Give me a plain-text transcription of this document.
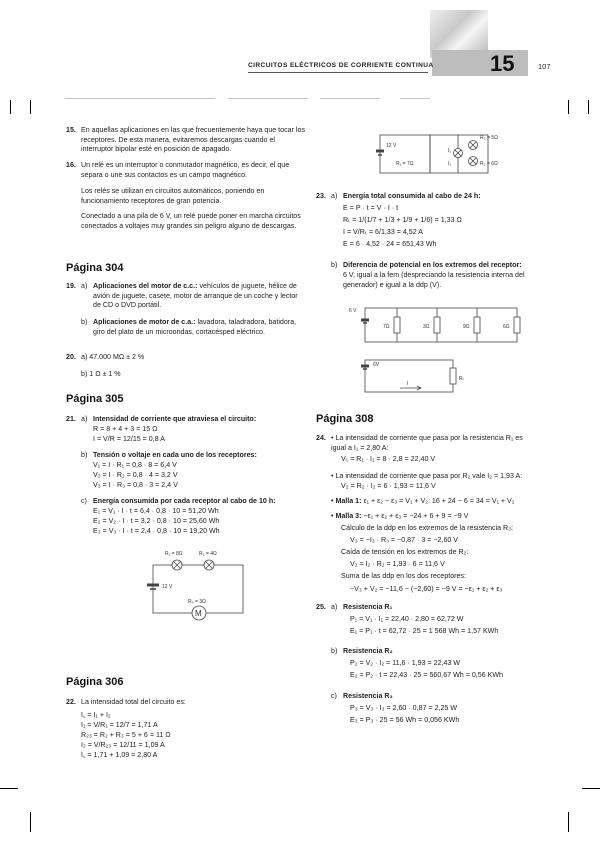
15
CIRCUITOS ELÉCTRICOS DE CORRIENTE CONTINUA	107
15. En aquellas aplicaciones en las que frecuentemente haya que tocar los receptores. De esta manera, evitaremos descargas cuando el interruptor bipolar esté en posición de apagado.
16. Un relé es un interruptor o conmutador magnético, es decir, el que separa o une sus contactos es un campo magnético.
Los relés se utilizan en circuitos automáticos, poniendo en funcionamiento receptores de gran potencia.
Conectado a una pila de 6 V, un relé puede poner en marcha circuitos conectados a voltajes muy grandes sin peligro alguno de descargas.
Página 304
19. a) Aplicaciones del motor de c.c.: vehículos de juguete, hélice de avión de juguete, casete, motor de arranque de un coche y lector de CD o DVD portátil.
b) Aplicaciones de motor de c.a.: lavadora, taladradora, batidora, giro del plato de un microondas, cortacésped eléctrico.
20. a) 47.000 MΩ ± 2 %
b) 1 Ω ± 1 %
Página 305
21. a) Intensidad de corriente que atraviesa el circuito:
R = 8 + 4 + 3 = 15 Ω
I = V/R = 12/15 = 0,8 A
b) Tensión o voltaje en cada uno de los receptores:
V₁ = I · R₁ = 0,8 · 8 = 6,4 V
V₂ = I · R₂ = 0,8 · 4 = 3,2 V
V₃ = I · R₃ = 0,8 · 3 = 2,4 V
c) Energía consumida por cada receptor al cabo de 10 h:
E₁ = V₁ · I · t = 6,4 · 0,8 · 10 = 51,20 Wh
E₂ = V₂ · I · t = 3,2 · 0,8 · 10 = 25,60 Wh
E₃ = V₃ · I · t = 2,4 · 0,8 · 10 = 19,20 Wh
R₁ = 8Ω	R₂ = 4Ω
12 V
R₃ = 3Ω
M
Página 306
22. La intensidad total del circuito es:
I꜀ = I₁ + I₂
I₁ = V/R₁ = 12/7 = 1,71 A
R₂₃ = R₂ + R₃ = 5 + 6 = 11 Ω
I₂ = V/R₂₃ = 12/11 = 1,09 A
I꜀ = 1,71 + 1,09 = 2,80 A
12 V
R₁ = 7Ω
R₃ = 5Ω
R₂ = 6Ω
I₁
I₂
23. a) Energía total consumida al cabo de 24 h:
E = P · t = V · I · t
Rₜ = 1/(1/7 + 1/3 + 1/9 + 1/6) = 1,33 Ω
I = V/Rₜ = 6/1,33 = 4,52 A
E = 6 · 4,52 · 24 = 651,43 Wh
b) Diferencia de potencial en los extremos del receptor:
6 V, igual a la fem (despreciando la resistencia interna del generador) e igual a la ddp (V).
6 V
7Ω	3Ω	9Ω	6Ω
6V
I
Rₜ
Página 308
24. • La intensidad de corriente que pasa por la resistencia R₁ es igual a I₁ = 2,80 A:
V₁ = R₁ · I₁ = 8 · 2,8 = 22,40 V
• La intensidad de corriente que pasa por R₂ vale I₂ = 1,93 A:
V₂ = R₂ · I₂ = 6 · 1,93 = 11,6 V
• Malla 1: ε₁ + ε₂ − ε₃ = V₁ + V₂: 16 + 24 − 6 = 34 = V₁ + V₂
• Malla 3: −ε₁ + ε₂ + ε₃ = −24 + 6 + 9 = −9 V
Cálculo de la ddp en los extremos de la resistencia R₃:
V₃ = −I₃ · R₃ = −0,87 · 3 = −2,60 V
Caída de tensión en los extremos de R₂:
V₂ = I₂ · R₂ = 1,93 · 6 = 11,6 V
Suma de las ddp en los dos receptores:
−V₃ + V₂ = −11,6 − (−2,60) = −9 V = −ε₁ + ε₂ + ε₃
25. a) Resistencia R₁
P₁ = V₁ · I₁ = 22,40 · 2,80 = 62,72 W
E₁ = P₁ · t = 62,72 · 25 = 1 568 Wh = 1,57 KWh
b) Resistencia R₂
P₂ = V₂ · I₂ = 11,6 · 1,93 = 22,43 W
E₂ = P₂ · t = 22,43 · 25 = 560,67 Wh = 0,56 KWh
c) Resistencia R₃
P₃ = V₃ · I₃ = 2,60 · 0,87 = 2,25 W
E₃ = P₃ · 25 = 56 Wh = 0,056 KWh
